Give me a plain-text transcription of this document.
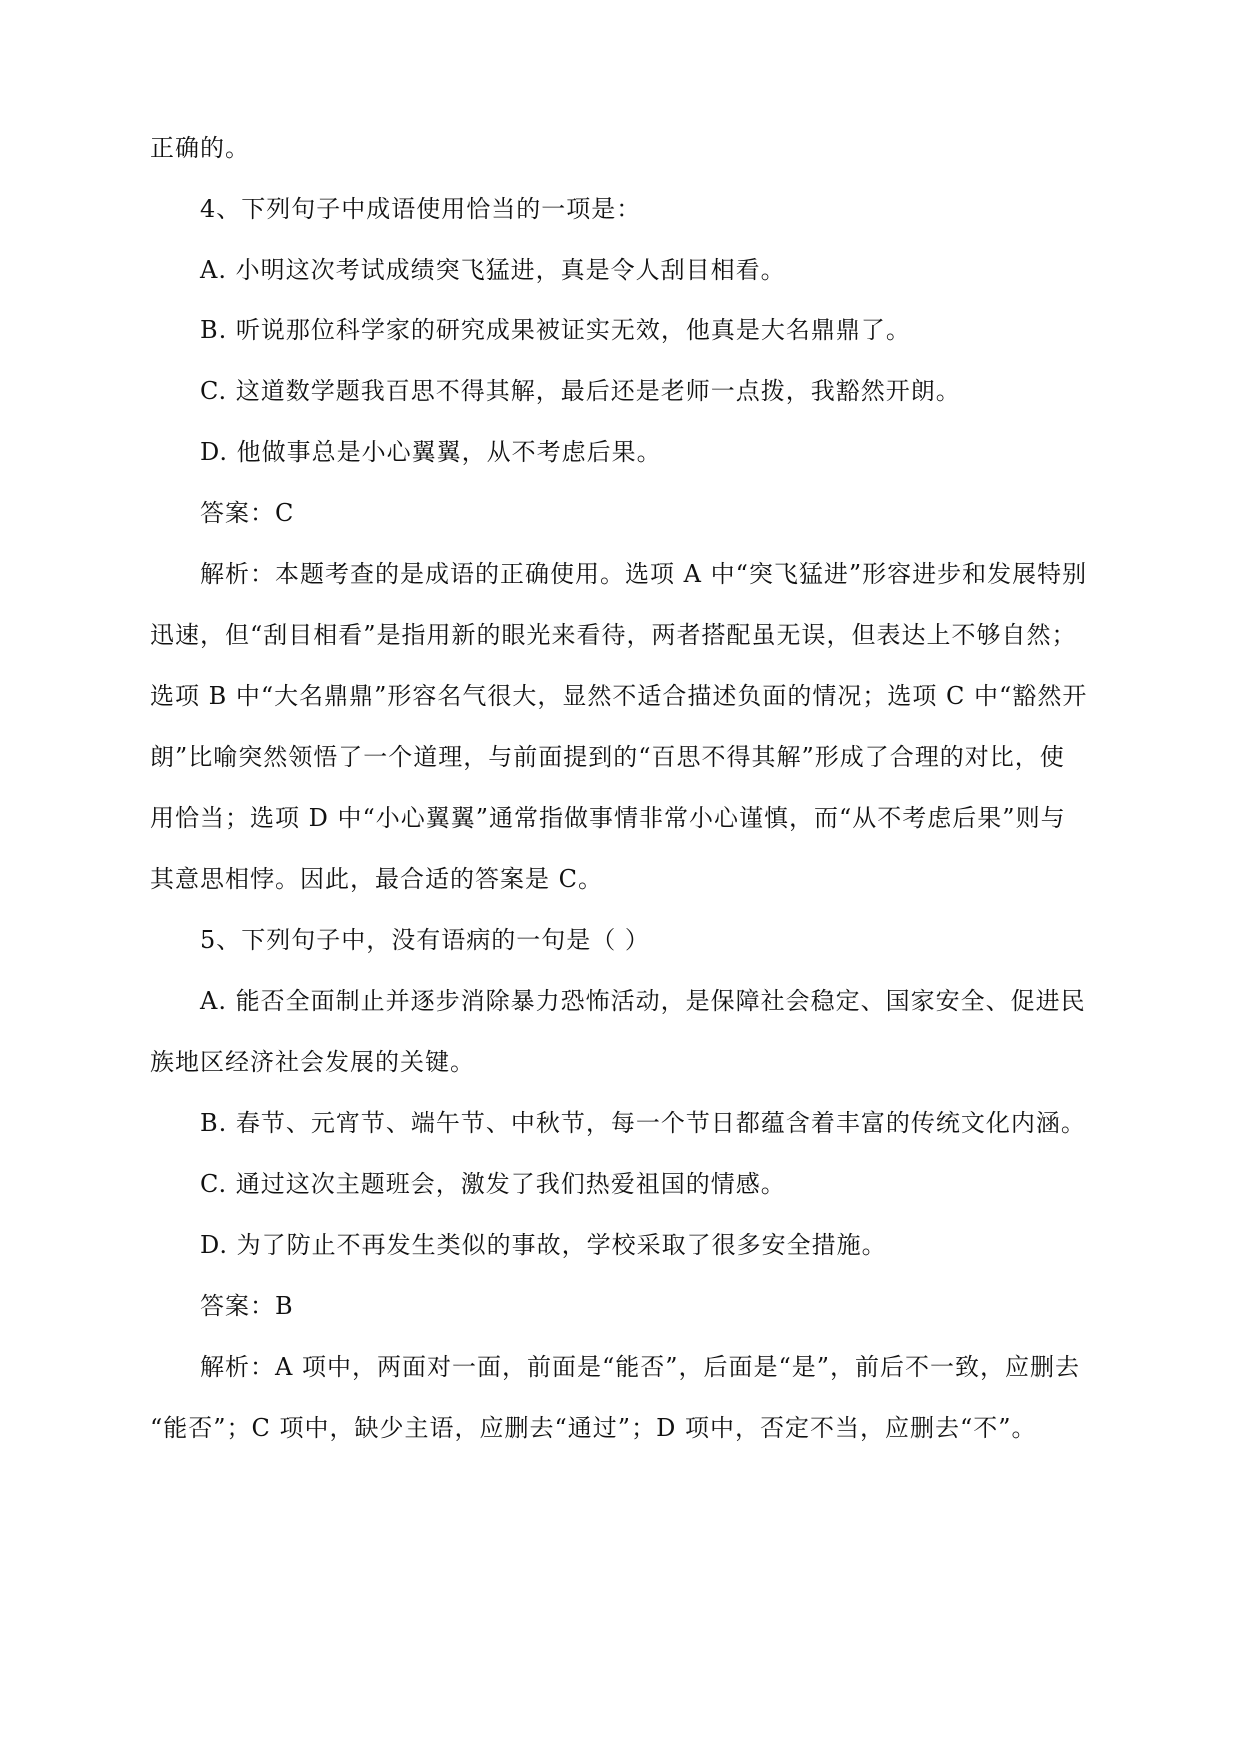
正确的。
4、下列句子中成语使用恰当的一项是：
A. 小明这次考试成绩突飞猛进，真是令人刮目相看。
B. 听说那位科学家的研究成果被证实无效，他真是大名鼎鼎了。
C. 这道数学题我百思不得其解，最后还是老师一点拨，我豁然开朗。
D. 他做事总是小心翼翼，从不考虑后果。
答案：C
解析：本题考查的是成语的正确使用。选项 A 中“突飞猛进”形容进步和发展特别
迅速，但“刮目相看”是指用新的眼光来看待，两者搭配虽无误，但表达上不够自然；
选项 B 中“大名鼎鼎”形容名气很大，显然不适合描述负面的情况；选项 C 中“豁然开
朗”比喻突然领悟了一个道理，与前面提到的“百思不得其解”形成了合理的对比，使
用恰当；选项 D 中“小心翼翼”通常指做事情非常小心谨慎，而“从不考虑后果”则与
其意思相悖。因此，最合适的答案是 C。
5、下列句子中，没有语病的一句是（ ）
A. 能否全面制止并逐步消除暴力恐怖活动，是保障社会稳定、国家安全、促进民
族地区经济社会发展的关键。
B. 春节、元宵节、端午节、中秋节，每一个节日都蕴含着丰富的传统文化内涵。
C. 通过这次主题班会，激发了我们热爱祖国的情感。
D. 为了防止不再发生类似的事故，学校采取了很多安全措施。
答案：B
解析：A 项中，两面对一面，前面是“能否”，后面是“是”，前后不一致，应删去
“能否”；C 项中，缺少主语，应删去“通过”；D 项中，否定不当，应删去“不”。
